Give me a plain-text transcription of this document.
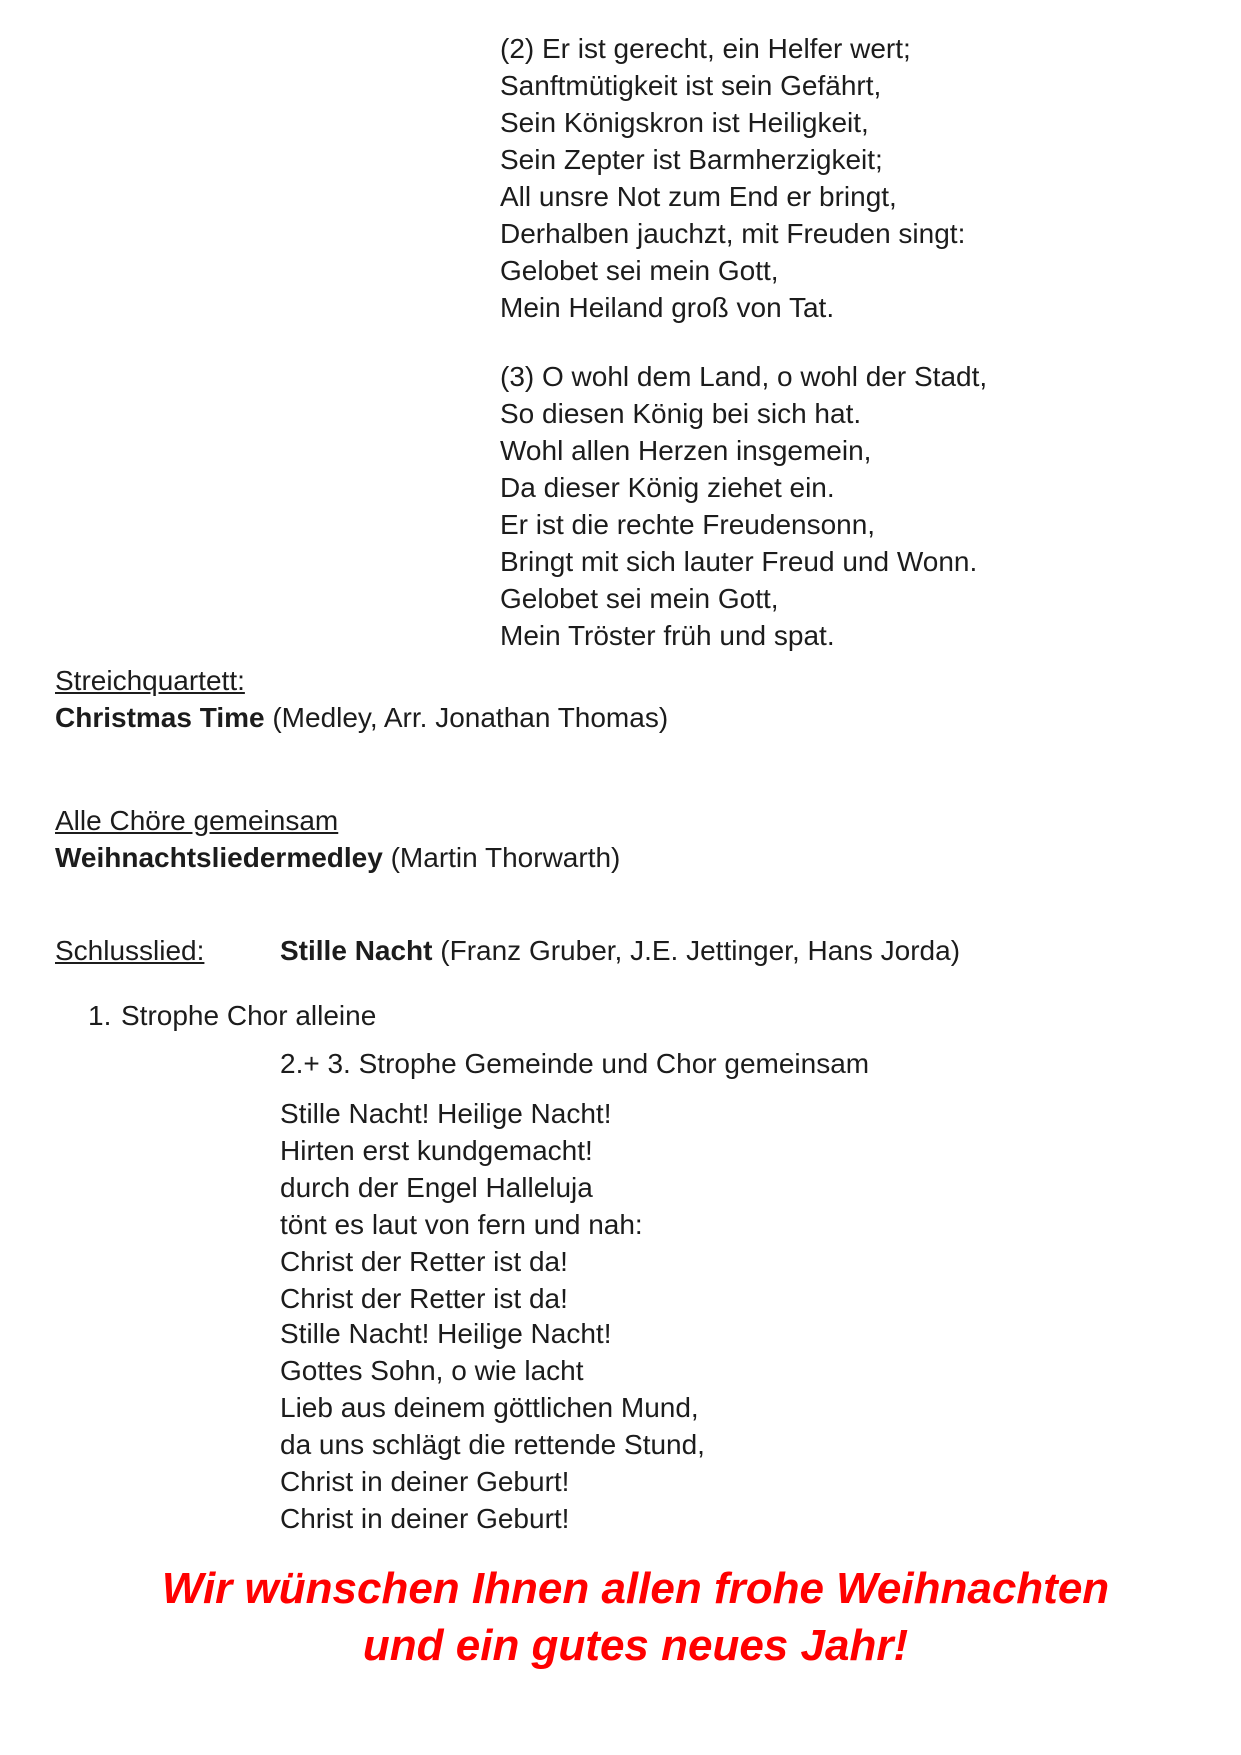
(2) Er ist gerecht, ein Helfer wert;
Sanftmütigkeit ist sein Gefährt,
Sein Königskron ist Heiligkeit,
Sein Zepter ist Barmherzigkeit;
All unsre Not zum End er bringt,
Derhalben jauchzt, mit Freuden singt:
Gelobet sei mein Gott,
Mein Heiland groß von Tat.
(3) O wohl dem Land, o wohl der Stadt,
So diesen König bei sich hat.
Wohl allen Herzen insgemein,
Da dieser König ziehet ein.
Er ist die rechte Freudensonn,
Bringt mit sich lauter Freud und Wonn.
Gelobet sei mein Gott,
Mein Tröster früh und spat.
Streichquartett:
Christmas Time (Medley, Arr. Jonathan Thomas)
Alle Chöre gemeinsam
Weihnachtsliedermedley (Martin Thorwarth)
Schlusslied:	Stille Nacht (Franz Gruber, J.E. Jettinger, Hans Jorda)
1. Strophe Chor alleine
2.+ 3. Strophe Gemeinde und Chor gemeinsam
Stille Nacht! Heilige Nacht!
Hirten erst kundgemacht!
durch der Engel Halleluja
tönt es laut von fern und nah:
Christ der Retter ist da!
Christ der Retter ist da!
Stille Nacht! Heilige Nacht!
Gottes Sohn, o wie lacht
Lieb aus deinem göttlichen Mund,
da uns schlägt die rettende Stund,
Christ in deiner Geburt!
Christ in deiner Geburt!
Wir wünschen Ihnen allen frohe Weihnachten
und ein gutes neues Jahr!
